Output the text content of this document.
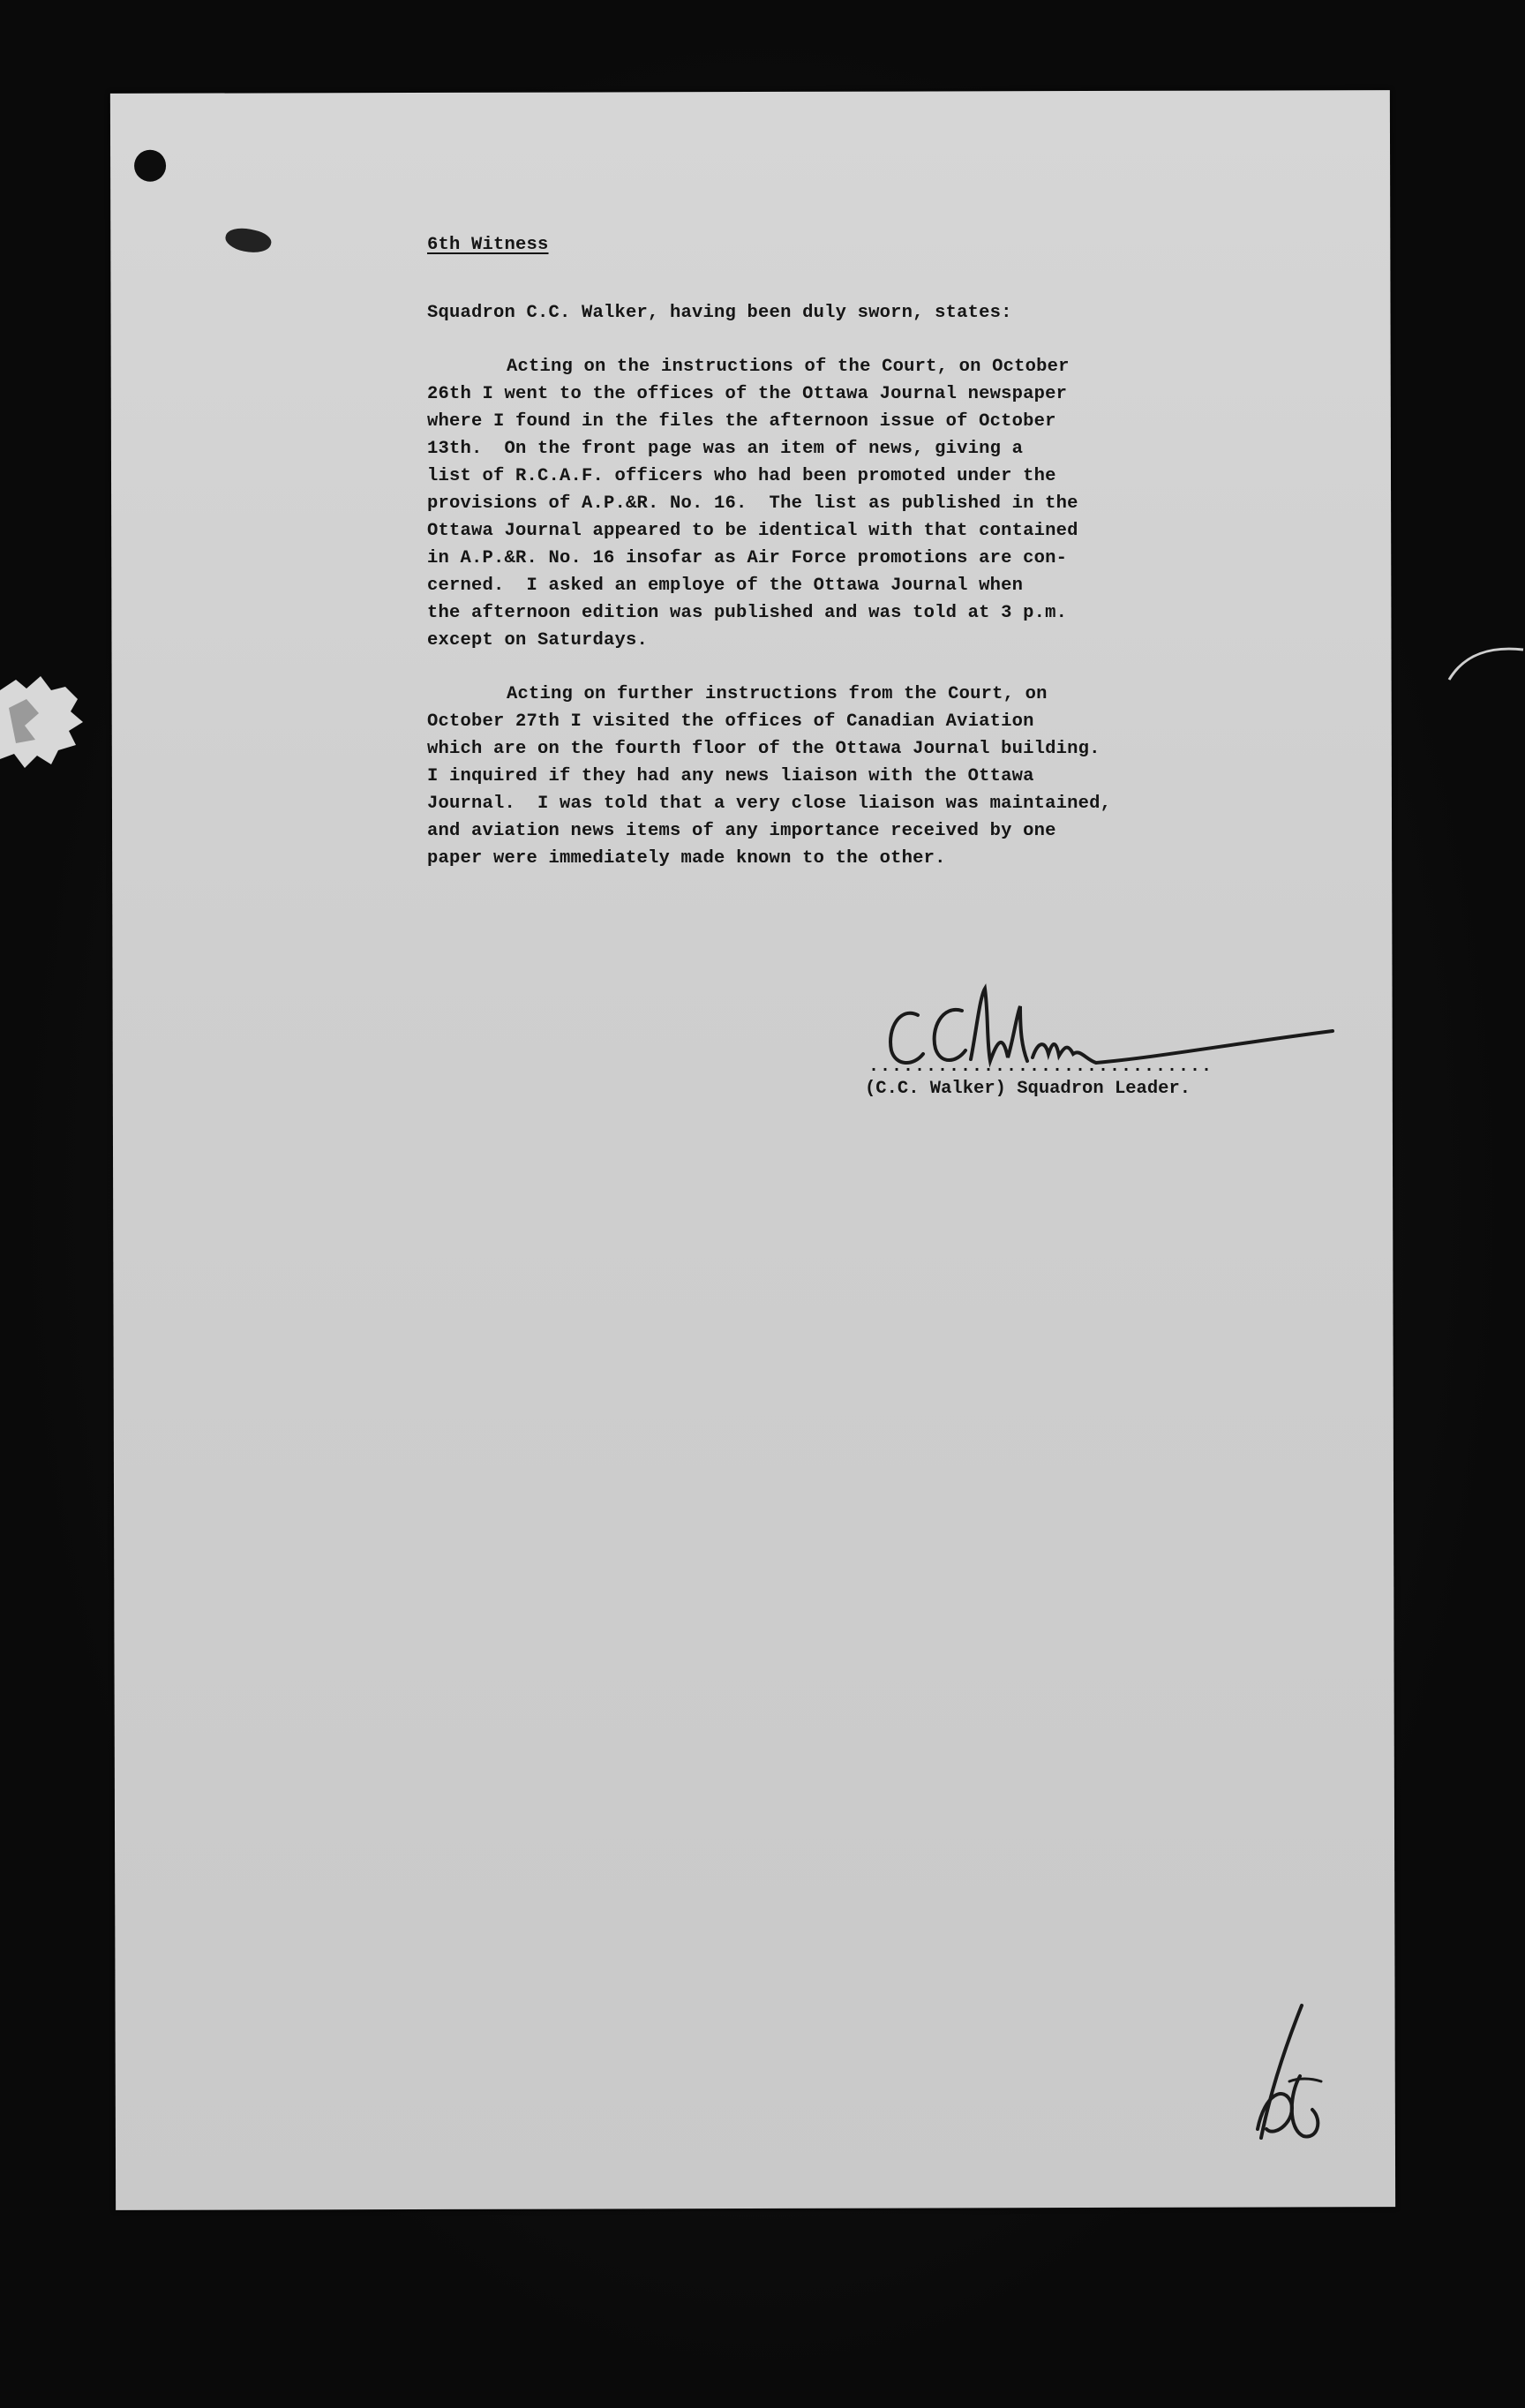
6th Witness
Squadron C.C. Walker, having been duly sworn, states:
Acting on the instructions of the Court, on October
26th I went to the offices of the Ottawa Journal newspaper
where I found in the files the afternoon issue of October
13th.  On the front page was an item of news, giving a
list of R.C.A.F. officers who had been promoted under the
provisions of A.P.&R. No. 16.  The list as published in the
Ottawa Journal appeared to be identical with that contained
in A.P.&R. No. 16 insofar as Air Force promotions are con-
cerned.  I asked an employe of the Ottawa Journal when
the afternoon edition was published and was told at 3 p.m.
except on Saturdays.
Acting on further instructions from the Court, on
October 27th I visited the offices of Canadian Aviation
which are on the fourth floor of the Ottawa Journal building.
I inquired if they had any news liaison with the Ottawa
Journal.  I was told that a very close liaison was maintained,
and aviation news items of any importance received by one
paper were immediately made known to the other.
..............................
(C.C. Walker) Squadron Leader.
